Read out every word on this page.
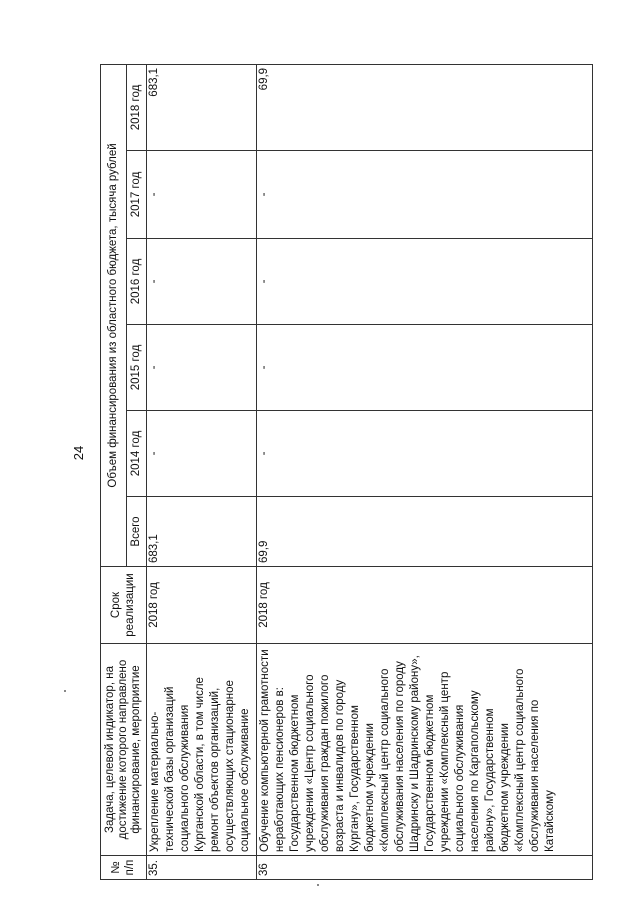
24
№ п/п	Задача, целевой индикатор, на достижение которого направлено финансирование, мероприятие	Срок реализации	Объем финансирования из областного бюджета, тысяча рублей					
			Всего	2014 год	2015 год	2016 год	2017 год	2018 год
35.	Укрепление материально-технической базы организаций социального обслуживания Курганской области, в том числе ремонт объектов организаций, осуществляющих стационарное социальное обслуживание	2018 год	683,1	-	-	-	-	683,1
36	Обучение компьютерной грамотности неработающих пенсионеров в: Государственном бюджетном учреждении «Центр социального обслуживания граждан пожилого возраста и инвалидов по городу Кургану», Государственном бюджетном учреждении «Комплексный центр социального обслуживания населения по городу Шадринску и Шадринскому району», Государственном бюджетном учреждении «Комплексный центр социального обслуживания населения по Каргапольскому району», Государственном бюджетном учреждении «Комплексный центр социального обслуживания населения по Катайскому	2018 год	69,9	-	-	-	-	69,9
